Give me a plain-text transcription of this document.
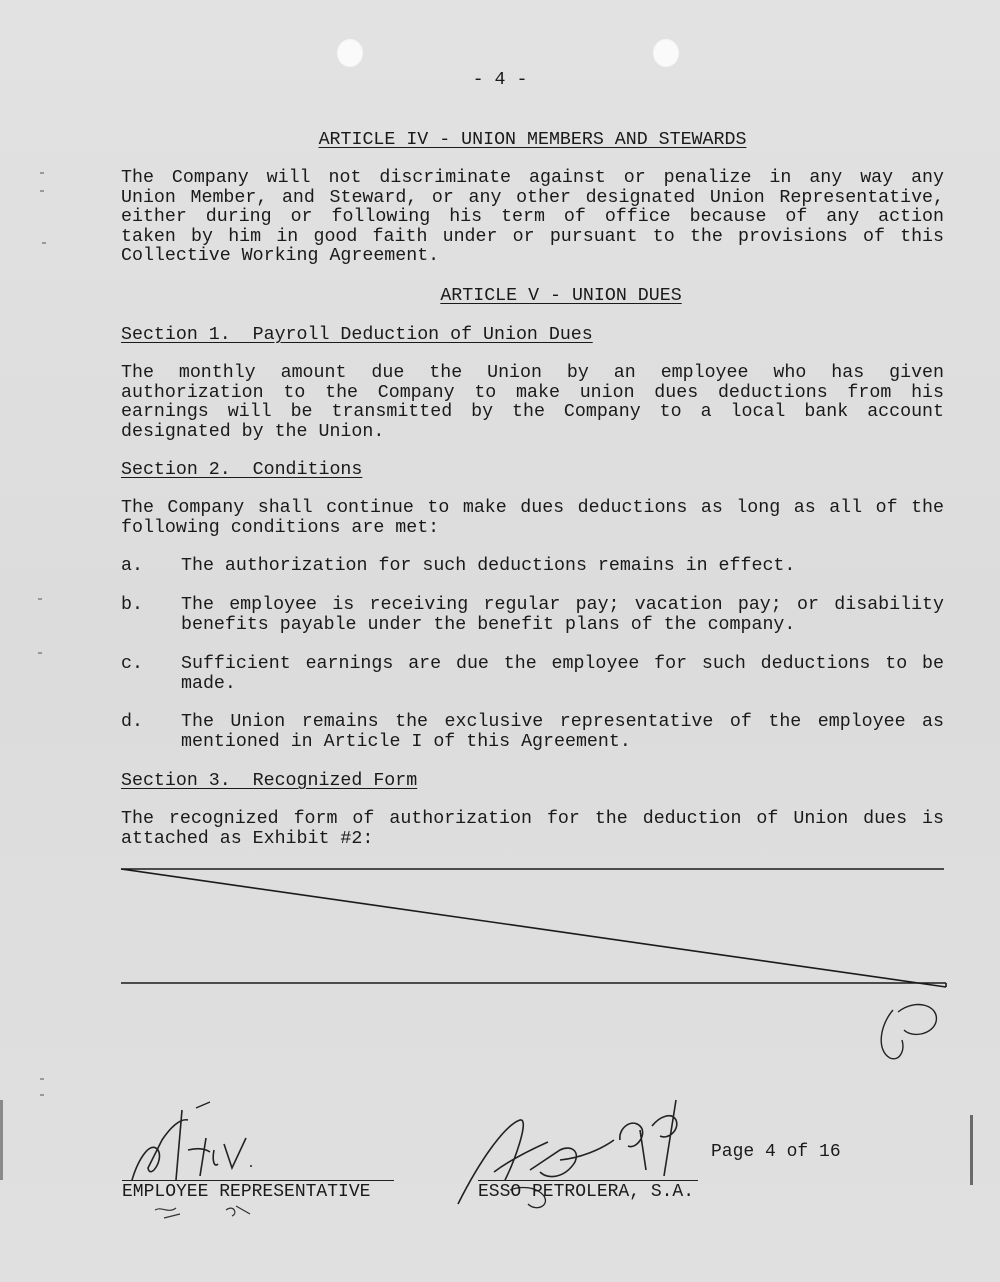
- 4 -
ARTICLE IV - UNION MEMBERS AND STEWARDS
The Company will not discriminate against or penalize in any way any
Union Member, and Steward, or any other designated Union Representative,
either during or following his term of office because of any action
taken by him in good faith under or pursuant to the provisions of this
Collective Working Agreement.
ARTICLE V - UNION DUES
Section 1.  Payroll Deduction of Union Dues
The monthly amount due the Union by an employee who has given
authorization to the Company to make union dues deductions from his
earnings will be transmitted by the Company to a local bank account
designated by the Union.
Section 2.  Conditions
The Company shall continue to make dues deductions as long as all of the
following conditions are met:
a. The authorization for such deductions remains in effect.
b. The employee is receiving regular pay; vacation pay; or disability
benefits payable under the benefit plans of the company.
c. Sufficient earnings are due the employee for such deductions to be
made.
d. The Union remains the exclusive representative of the employee as
mentioned in Article I of this Agreement.
Section 3.  Recognized Form
The recognized form of authorization for the deduction of Union dues is
attached as Exhibit #2:
EMPLOYEE REPRESENTATIVE	ESSO PETROLERA, S.A.
Page 4 of 16
